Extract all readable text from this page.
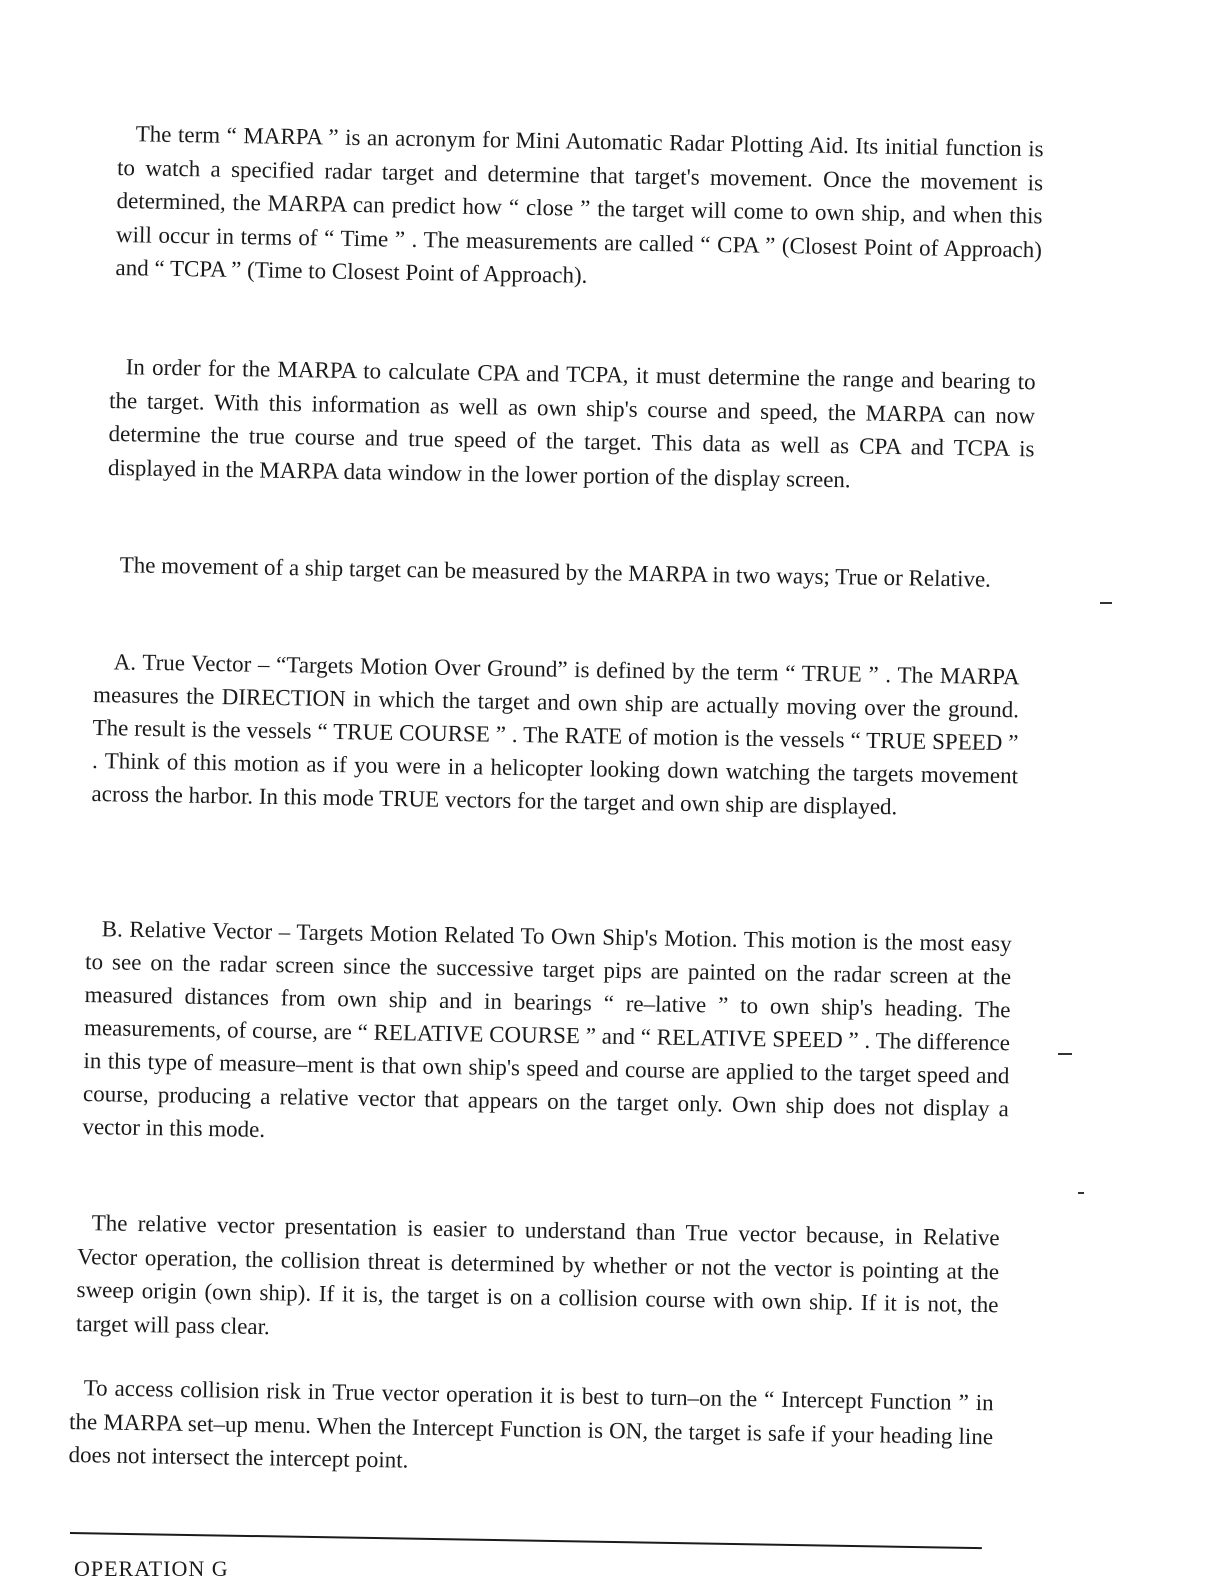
The term “ MARPA ” is an acronym for Mini Automatic Radar Plotting Aid. Its initial function is to watch a specified radar target and determine that target's movement. Once the movement is determined, the MARPA can predict how “ close ” the target will come to own ship, and when this will occur in terms of “ Time ” . The measurements are called “ CPA ” (Closest Point of Approach) and “ TCPA ” (Time to Closest Point of Approach).

In order for the MARPA to calculate CPA and TCPA, it must determine the range and bearing to the target. With this information as well as own ship's course and speed, the MARPA can now determine the true course and true speed of the target. This data as well as CPA and TCPA is displayed in the MARPA data window in the lower portion of the display screen.

The movement of a ship target can be measured by the MARPA in two ways; True or Relative.

A. True Vector – “Targets Motion Over Ground” is defined by the term “ TRUE ” . The MARPA measures the DIRECTION in which the target and own ship are actually moving over the ground. The result is the vessels “ TRUE COURSE ” . The RATE of motion is the vessels “ TRUE SPEED ” . Think of this motion as if you were in a helicopter looking down watching the targets movement across the harbor. In this mode TRUE vectors for the target and own ship are displayed.

B. Relative Vector – Targets Motion Related To Own Ship's Motion. This motion is the most easy to see on the radar screen since the successive target pips are painted on the radar screen at the measured distances from own ship and in bearings “ re–lative ” to own ship's heading. The measurements, of course, are “ RELATIVE COURSE ” and “ RELATIVE SPEED ” . The difference in this type of measure–ment is that own ship's speed and course are applied to the target speed and course, producing a relative vector that appears on the target only. Own ship does not display a vector in this mode.

The relative vector presentation is easier to understand than True vector because, in Relative Vector operation, the collision threat is determined by whether or not the vector is pointing at the sweep origin (own ship). If it is, the target is on a collision course with own ship. If it is not, the target will pass clear.

To access collision risk in True vector operation it is best to turn–on the “ Intercept Function ” in the MARPA set–up menu. When the Intercept Function is ON, the target is safe if your heading line does not intersect the intercept point.

OPERATION G
